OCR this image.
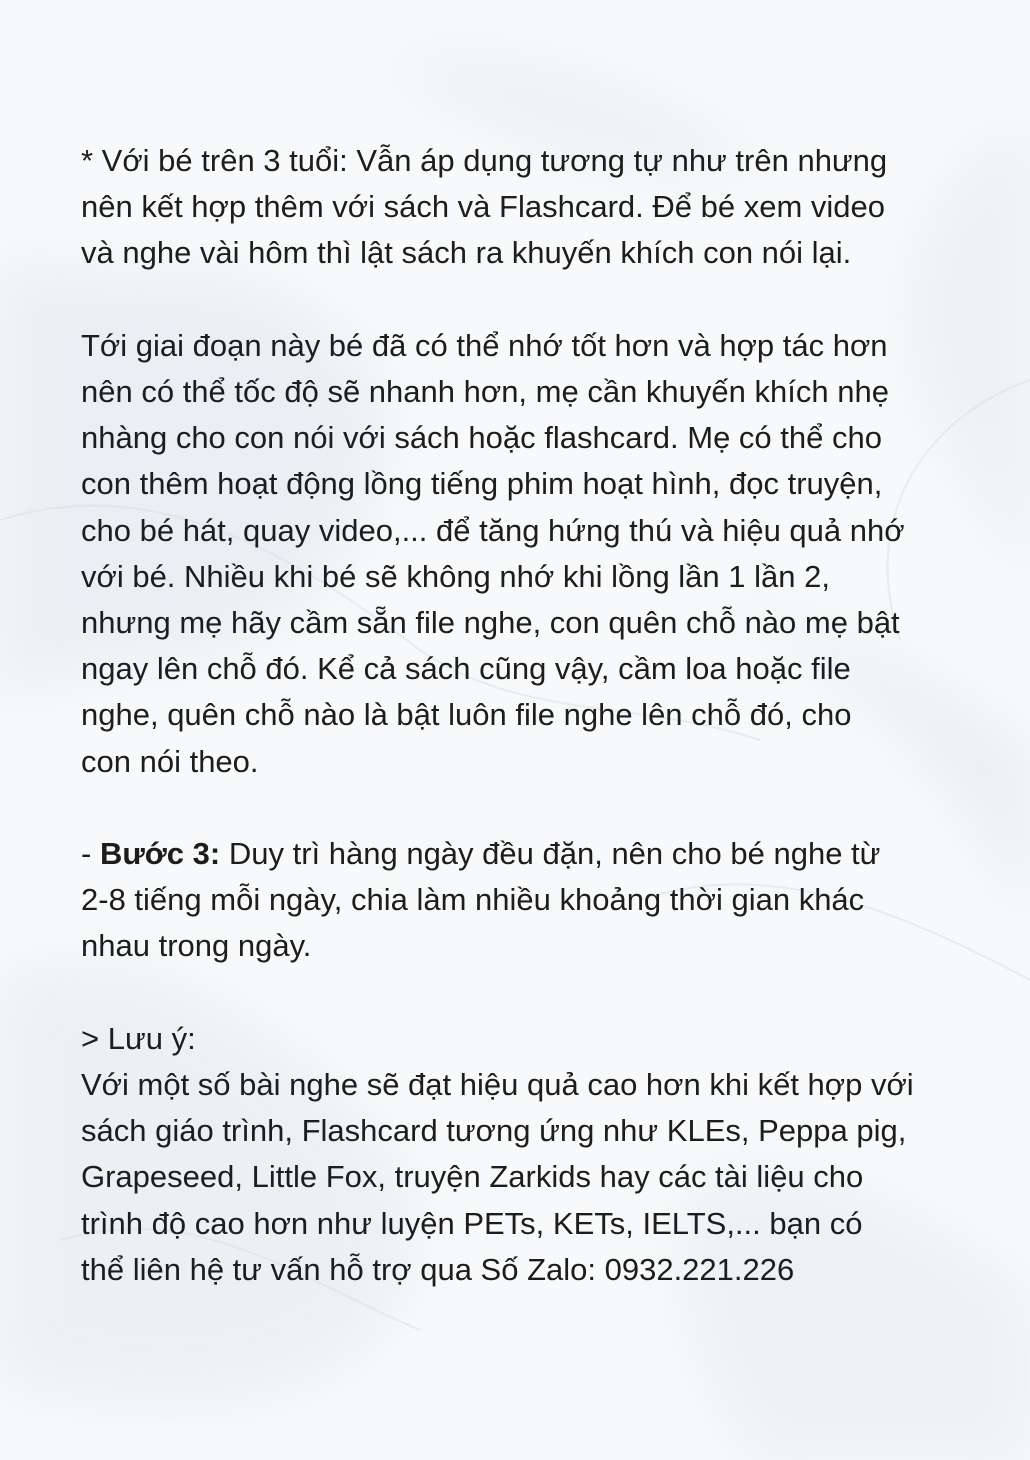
* Với bé trên 3 tuổi: Vẫn áp dụng tương tự như trên nhưng
nên kết hợp thêm với sách và Flashcard. Để bé xem video
và nghe vài hôm thì lật sách ra khuyến khích con nói lại.
Tới giai đoạn này bé đã có thể nhớ tốt hơn và hợp tác hơn
nên có thể tốc độ sẽ nhanh hơn, mẹ cần khuyến khích nhẹ
nhàng cho con nói với sách hoặc flashcard. Mẹ có thể cho
con thêm hoạt động lồng tiếng phim hoạt hình, đọc truyện,
cho bé hát, quay video,... để tăng hứng thú và hiệu quả nhớ
với bé. Nhiều khi bé sẽ không nhớ khi lồng lần 1 lần 2,
nhưng mẹ hãy cầm sẵn file nghe, con quên chỗ nào mẹ bật
ngay lên chỗ đó. Kể cả sách cũng vậy, cầm loa hoặc file
nghe, quên chỗ nào là bật luôn file nghe lên chỗ đó, cho
con nói theo.
- Bước 3: Duy trì hàng ngày đều đặn, nên cho bé nghe từ
2-8 tiếng mỗi ngày, chia làm nhiều khoảng thời gian khác
nhau trong ngày.
> Lưu ý:
Với một số bài nghe sẽ đạt hiệu quả cao hơn khi kết hợp với
sách giáo trình, Flashcard tương ứng như KLEs, Peppa pig,
Grapeseed, Little Fox, truyện Zarkids hay các tài liệu cho
trình độ cao hơn như luyện PETs, KETs, IELTS,... bạn có
thể liên hệ tư vấn hỗ trợ qua Số Zalo: 0932.221.226
